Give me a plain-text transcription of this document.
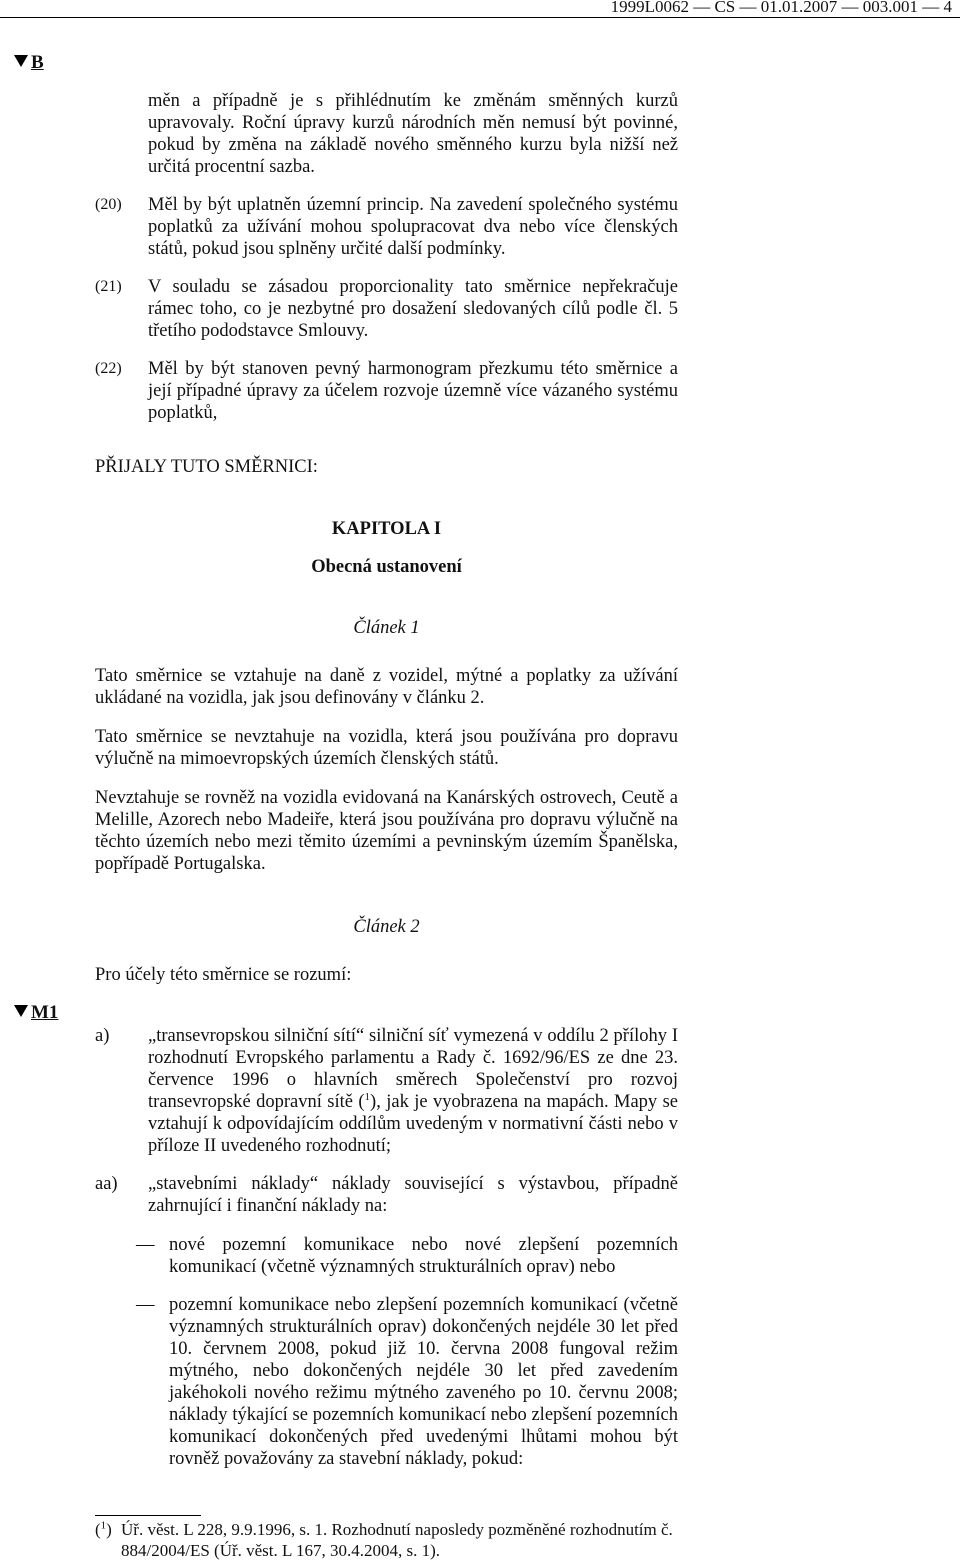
1999L0062 — CS — 01.01.2007 — 003.001 — 4
B

měn a případně je s přihlédnutím ke změnám směnných kurzů upravovaly. Roční úpravy kurzů národních měn nemusí být povinné, pokud by změna na základě nového směnného kurzu byla nižší než určitá procentní sazba.

(20) Měl by být uplatněn územní princip. Na zavedení společného systému poplatků za užívání mohou spolupracovat dva nebo více členských států, pokud jsou splněny určité další podmínky.
(21) V souladu se zásadou proporcionality tato směrnice nepřekračuje rámec toho, co je nezbytné pro dosažení sledovaných cílů podle čl. 5 třetího pododstavce Smlouvy.
(22) Měl by být stanoven pevný harmonogram přezkumu této směrnice a její případné úpravy za účelem rozvoje územně více vázaného systému poplatků,
PŘIJALY TUTO SMĚRNICI:
KAPITOLA I
Obecná ustanovení
Článek 1
Tato směrnice se vztahuje na daně z vozidel, mýtné a poplatky za užívání ukládané na vozidla, jak jsou definovány v článku 2.
Tato směrnice se nevztahuje na vozidla, která jsou používána pro dopravu výlučně na mimoevropských územích členských států.
Nevztahuje se rovněž na vozidla evidovaná na Kanárských ostrovech, Ceutě a Melille, Azorech nebo Madeiře, která jsou používána pro dopravu výlučně na těchto územích nebo mezi těmito územími a pevninským územím Španělska, popřípadě Portugalska.
Článek 2
Pro účely této směrnice se rozumí:
M1
a) „transevropskou silniční sítí“ silniční síť vymezená v oddílu 2 přílohy I rozhodnutí Evropského parlamentu a Rady č. 1692/96/ES ze dne 23. července 1996 o hlavních směrech Společenství pro rozvoj transevropské dopravní sítě ($^1$), jak je vyobrazena na mapách. Mapy se vztahují k odpovídajícím oddílům uvedeným v normativní části nebo v příloze II uvedeného rozhodnutí;
aa) „stavebními náklady“ náklady související s výstavbou, případně zahrnující i finanční náklady na:
— nové pozemní komunikace nebo nové zlepšení pozemních komunikací (včetně významných strukturálních oprav) nebo
— pozemní komunikace nebo zlepšení pozemních komunikací (včetně významných strukturálních oprav) dokončených nejdéle 30 let před 10. červnem 2008, pokud již 10. června 2008 fungoval režim mýtného, nebo dokončených nejdéle 30 let před zavedením jakéhokoli nového režimu mýtného zaveného po 10. červnu 2008; náklady týkající se pozemních komunikací nebo zlepšení pozemních komunikací dokončených před uvedenými lhůtami mohou být rovněž považovány za stavební náklady, pokud:
($^1$) Úř. věst. L 228, 9.9.1996, s. 1. Rozhodnutí naposledy pozměněné rozhodnutím č. 884/2004/ES (Úř. věst. L 167, 30.4.2004, s. 1).
